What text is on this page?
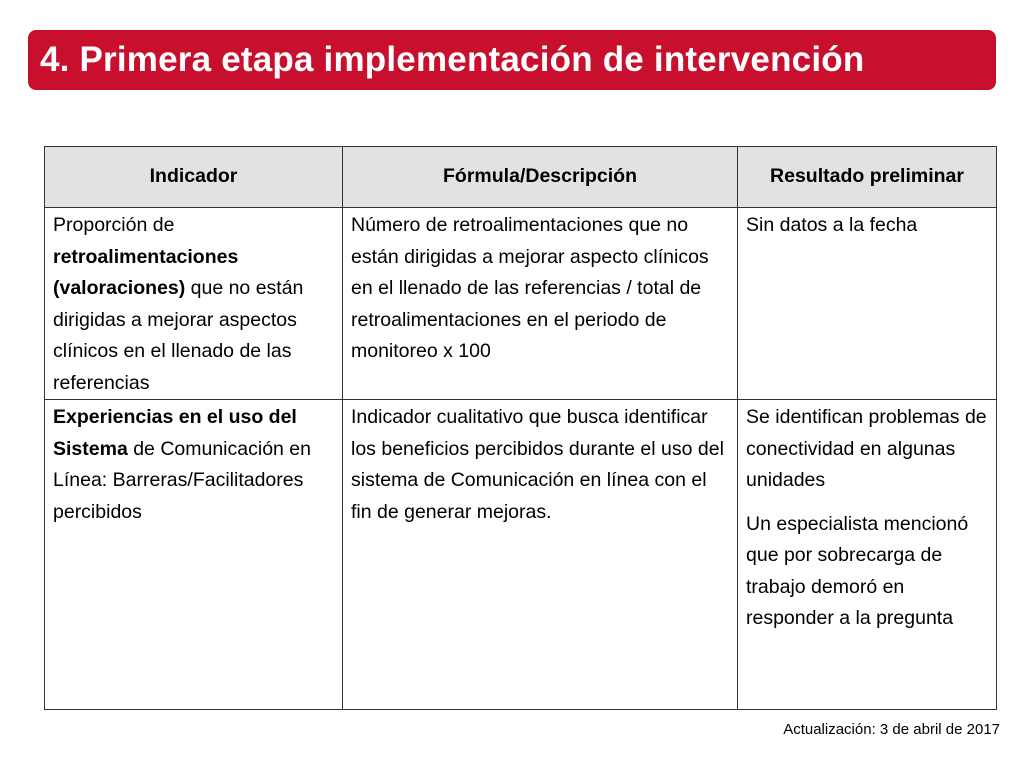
4. Primera etapa implementación de intervención
Indicador	Fórmula/Descripción	Resultado preliminar
Proporción de retroalimentaciones (valoraciones) que no están dirigidas a mejorar aspectos clínicos en el llenado de las referencias	Número de retroalimentaciones que no están dirigidas a mejorar aspecto clínicos en el llenado de las referencias / total de retroalimentaciones en el periodo de monitoreo x 100	Sin datos a la fecha
Experiencias en el uso del Sistema de Comunicación en Línea: Barreras/Facilitadores percibidos	Indicador cualitativo que busca identificar los beneficios percibidos durante el uso del sistema de Comunicación en línea con el fin de generar mejoras.	Se identifican problemas de conectividad en algunas unidades
Un especialista mencionó que por sobrecarga de trabajo demoró en responder a la pregunta
Actualización: 3 de abril de 2017
